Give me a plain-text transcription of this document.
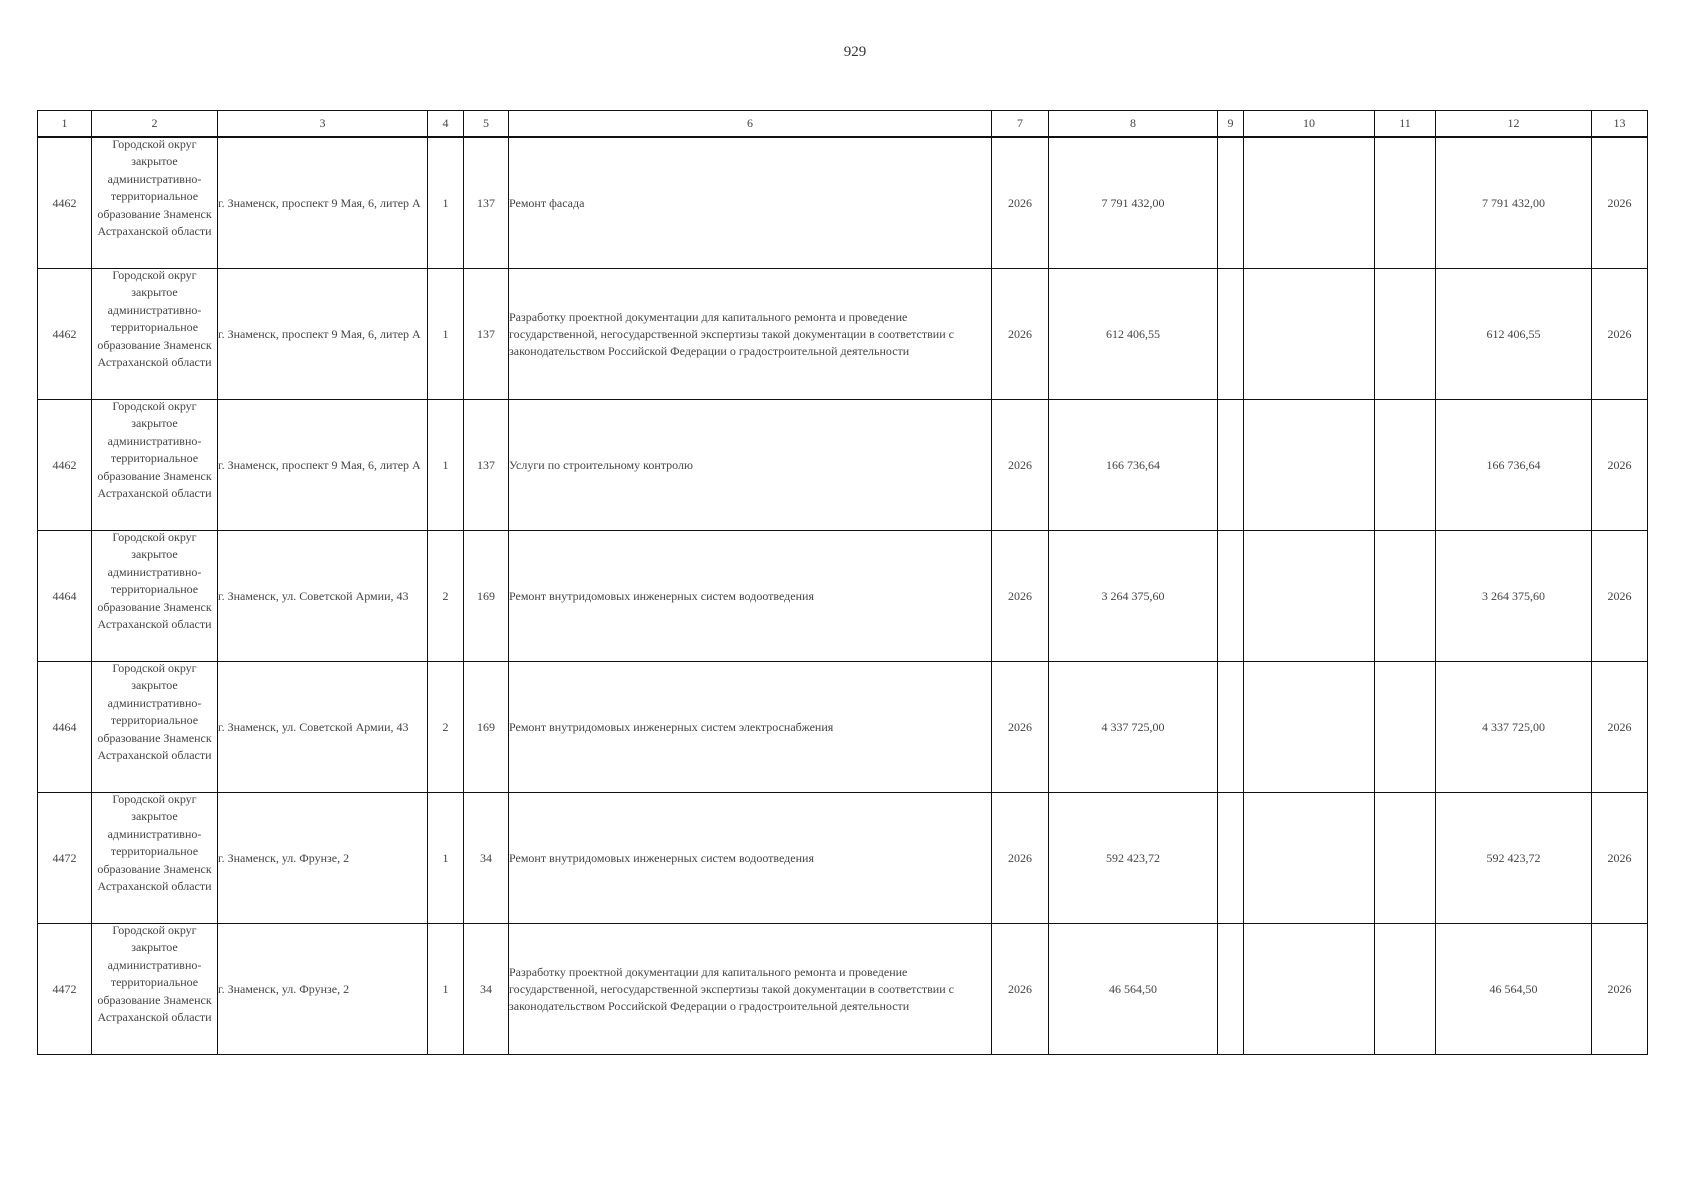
929
1	2	3	4	5	6	7	8	9	10	11	12	13
4462	Городской округ закрытое административно-территориальное образование Знаменск Астраханской области	г. Знаменск, проспект 9 Мая, 6, литер А	1	137	Ремонт фасада	2026	7 791 432,00				7 791 432,00	2026
4462	Городской округ закрытое административно-территориальное образование Знаменск Астраханской области	г. Знаменск, проспект 9 Мая, 6, литер А	1	137	Разработку проектной документации для капитального ремонта и проведение государственной, негосударственной экспертизы такой документации в соответствии с законодательством Российской Федерации о градостроительной деятельности	2026	612 406,55				612 406,55	2026
4462	Городской округ закрытое административно-территориальное образование Знаменск Астраханской области	г. Знаменск, проспект 9 Мая, 6, литер А	1	137	Услуги по строительному контролю	2026	166 736,64				166 736,64	2026
4464	Городской округ закрытое административно-территориальное образование Знаменск Астраханской области	г. Знаменск, ул. Советской Армии, 43	2	169	Ремонт внутридомовых инженерных систем водоотведения	2026	3 264 375,60				3 264 375,60	2026
4464	Городской округ закрытое административно-территориальное образование Знаменск Астраханской области	г. Знаменск, ул. Советской Армии, 43	2	169	Ремонт внутридомовых инженерных систем электроснабжения	2026	4 337 725,00				4 337 725,00	2026
4472	Городской округ закрытое административно-территориальное образование Знаменск Астраханской области	г. Знаменск, ул. Фрунзе, 2	1	34	Ремонт внутридомовых инженерных систем водоотведения	2026	592 423,72				592 423,72	2026
4472	Городской округ закрытое административно-территориальное образование Знаменск Астраханской области	г. Знаменск, ул. Фрунзе, 2	1	34	Разработку проектной документации для капитального ремонта и проведение государственной, негосударственной экспертизы такой документации в соответствии с законодательством Российской Федерации о градостроительной деятельности	2026	46 564,50				46 564,50	2026
